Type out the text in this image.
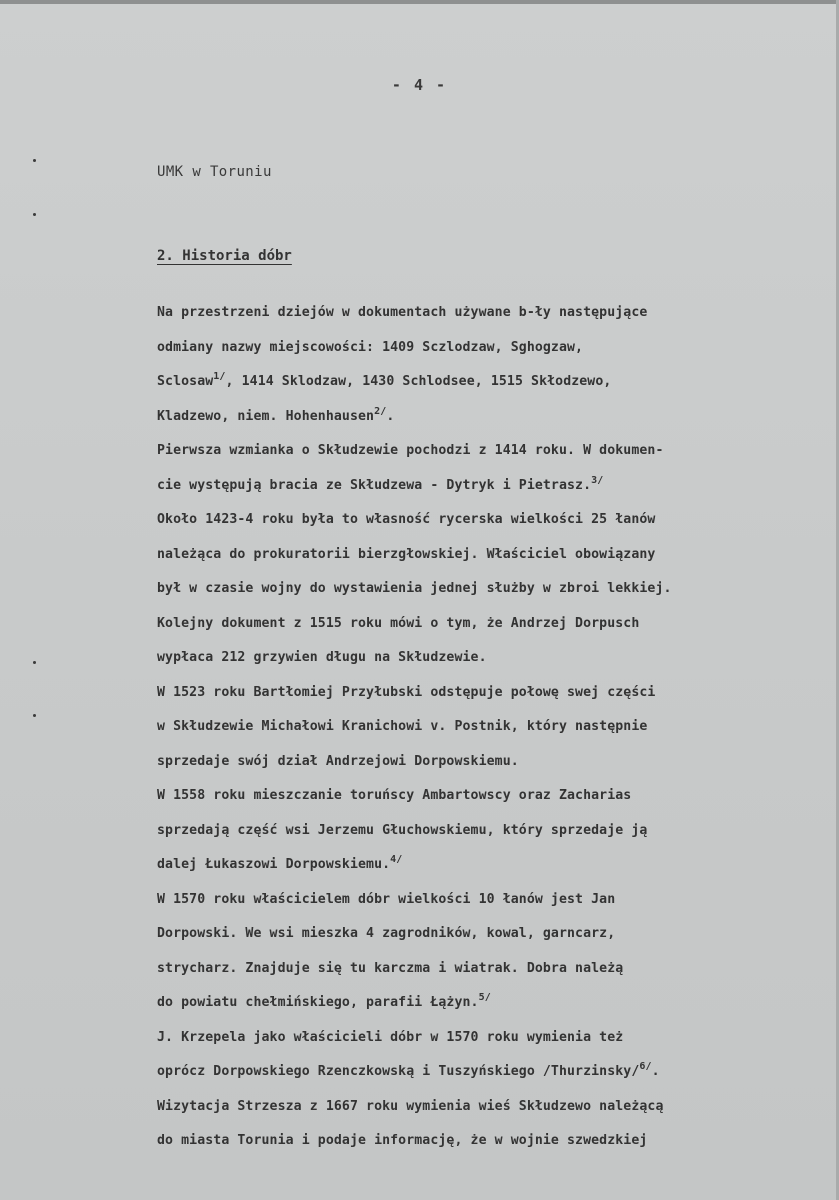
- 4 -
UMK w Toruniu
2. Historia dóbr
Na przestrzeni dziejów w dokumentach używane b-ły następujące
odmiany nazwy miejscowości: 1409 Sczlodzaw, Sghogzaw,
Sclosaw$^{1/}$, 1414 Sklodzaw, 1430 Schlodsee, 1515 Skłodzewo,
Kladzewo, niem. Hohenhausen$^{2/}$.
Pierwsza wzmianka o Skłudzewie pochodzi z 1414 roku. W dokumen-
cie występują bracia ze Skłudzewa - Dytryk i Pietrasz.$^{3/}$
Około 1423-4 roku była to własność rycerska wielkości 25 łanów
należąca do prokuratorii bierzgłowskiej. Właściciel obowiązany
był w czasie wojny do wystawienia jednej służby w zbroi lekkiej.
Kolejny dokument z 1515 roku mówi o tym, że Andrzej Dorpusch
wypłaca 212 grzywien długu na Skłudzewie.
W 1523 roku Bartłomiej Przyłubski odstępuje połowę swej części
w Skłudzewie Michałowi Kranichowi v. Postnik, który następnie
sprzedaje swój dział Andrzejowi Dorpowskiemu.
W 1558 roku mieszczanie toruńscy Ambartowscy oraz Zacharias
sprzedają część wsi Jerzemu Głuchowskiemu, który sprzedaje ją
dalej Łukaszowi Dorpowskiemu.$^{4/}$
W 1570 roku właścicielem dóbr wielkości 10 łanów jest Jan
Dorpowski. We wsi mieszka 4 zagrodników, kowal, garncarz,
strycharz. Znajduje się tu karczma i wiatrak. Dobra należą
do powiatu chełmińskiego, parafii Łążyn.$^{5/}$
J. Krzepela jako właścicieli dóbr w 1570 roku wymienia też
oprócz Dorpowskiego Rzenczkowską i Tuszyńskiego /Thurzinsky/$^{6/}$.
Wizytacja Strzesza z 1667 roku wymienia wieś Skłudzewo należącą
do miasta Torunia i podaje informację, że w wojnie szwedzkiej
